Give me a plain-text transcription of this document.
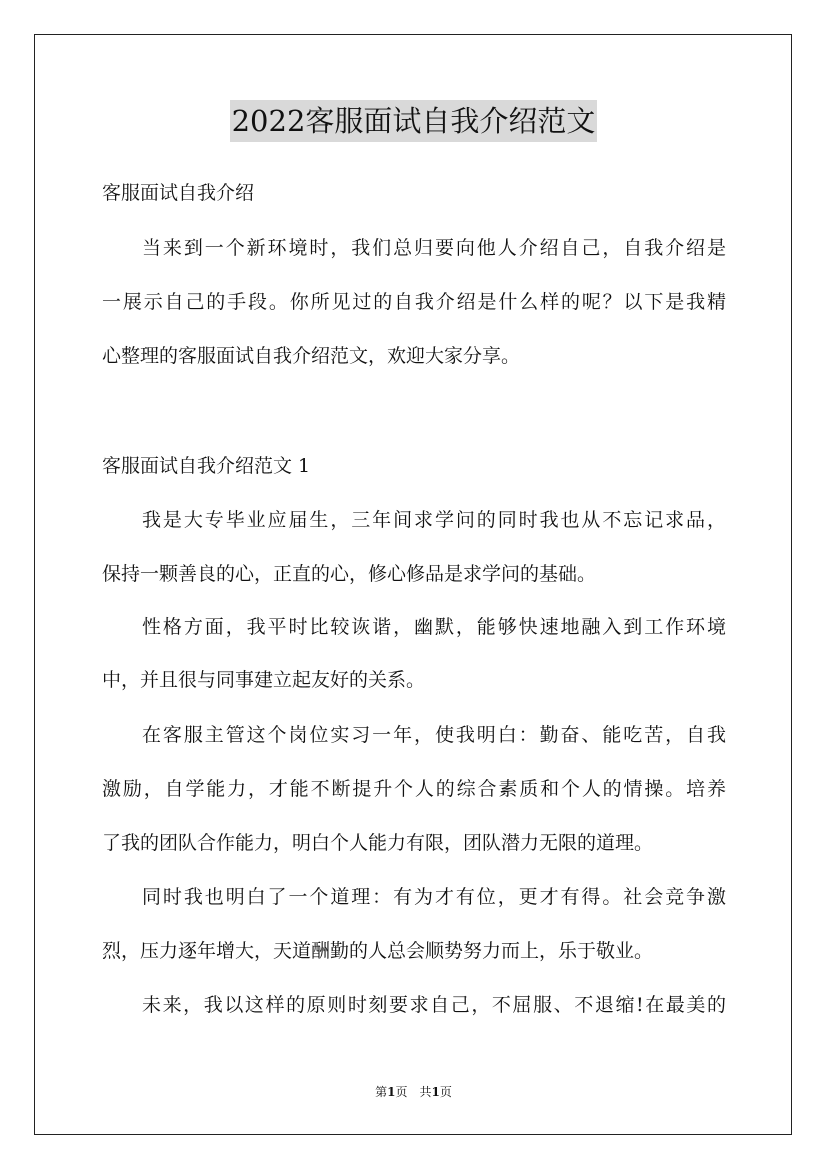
2022客服面试自我介绍范文
客服面试自我介绍
当来到一个新环境时，我们总归要向他人介绍自己，自我介绍是
一展示自己的手段。你所见过的自我介绍是什么样的呢？以下是我精
心整理的客服面试自我介绍范文，欢迎大家分享。
客服面试自我介绍范文 1
我是大专毕业应届生，三年间求学问的同时我也从不忘记求品，
保持一颗善良的心，正直的心，修心修品是求学问的基础。
性格方面，我平时比较诙谐，幽默，能够快速地融入到工作环境
中，并且很与同事建立起友好的关系。
在客服主管这个岗位实习一年，使我明白：勤奋、能吃苦，自我
激励，自学能力，才能不断提升个人的综合素质和个人的情操。培养
了我的团队合作能力，明白个人能力有限，团队潜力无限的道理。
同时我也明白了一个道理：有为才有位，更才有得。社会竞争激
烈，压力逐年增大，天道酬勤的人总会顺势努力而上，乐于敬业。
未来，我以这样的原则时刻要求自己，不屈服、不退缩!在最美的
第1页　共1页
